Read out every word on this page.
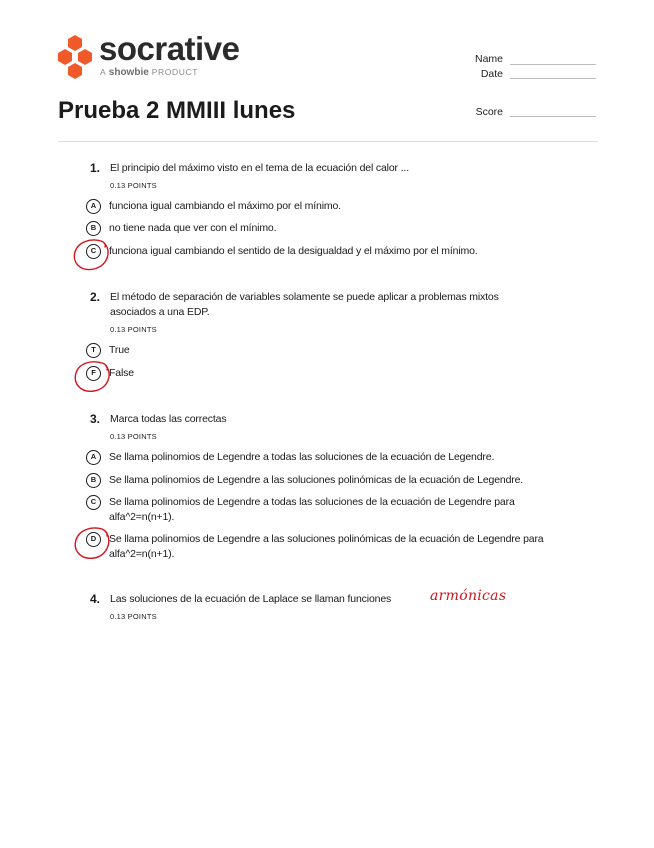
socrative
A showbie PRODUCT
Name
Date
Score
Prueba 2 MMIII lunes
1. El principio del máximo visto en el tema de la ecuación del calor ...
0.13 POINTS
A	funciona igual cambiando el máximo por el mínimo.
B	no tiene nada que ver con el mínimo.
C	funciona igual cambiando el sentido de la desigualdad y el máximo por el mínimo.
2. El método de separación de variables solamente se puede aplicar a problemas mixtos
asociados a una EDP.
0.13 POINTS
T	True
F	False
3. Marca todas las correctas
0.13 POINTS
A	Se llama polinomios de Legendre a todas las soluciones de la ecuación de Legendre.
B	Se llama polinomios de Legendre a las soluciones polinómicas de la ecuación de Legendre.
C	Se llama polinomios de Legendre a todas las soluciones de la ecuación de Legendre para
alfa^2=n(n+1).
D	Se llama polinomios de Legendre a las soluciones polinómicas de la ecuación de Legendre para
alfa^2=n(n+1).
4. Las soluciones de la ecuación de Laplace se llaman funciones
0.13 POINTS
armónicas
